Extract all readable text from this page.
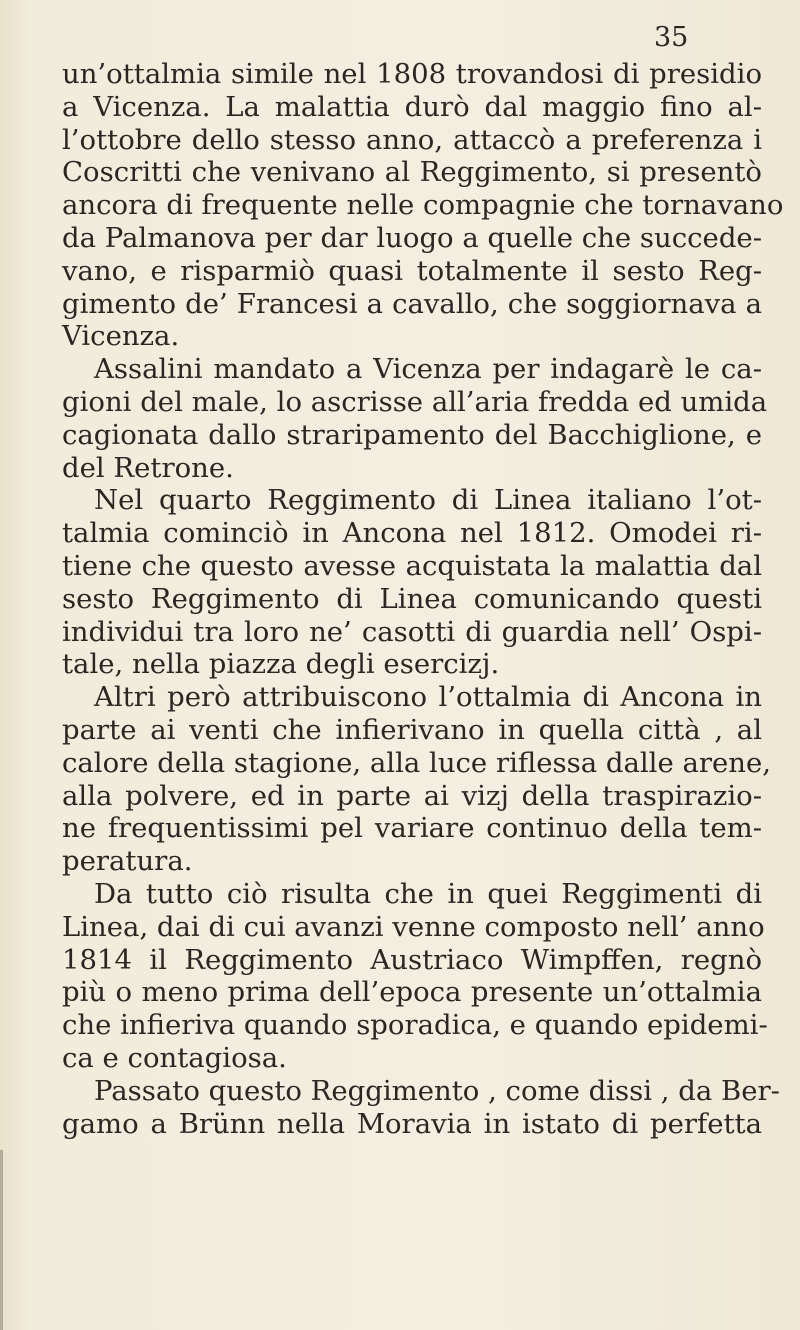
35

un’ottalmia simile nel 1808 trovandosi di presidio
a Vicenza. La malattia durò dal maggio fino al-
l’ottobre dello stesso anno, attaccò a preferenza i
Coscritti che venivano al Reggimento, si presentò
ancora di frequente nelle compagnie che tornavano
da Palmanova per dar luogo a quelle che succede-
vano, e risparmiò quasi totalmente il sesto Reg-
gimento de’ Francesi a cavallo, che soggiornava a
Vicenza.
Assalini mandato a Vicenza per indagarè le ca-
gioni del male, lo ascrisse all’aria fredda ed umida
cagionata dallo straripamento del Bacchiglione, e
del Retrone.
Nel quarto Reggimento di Linea italiano l’ot-
talmia cominciò in Ancona nel 1812. Omodei ri-
tiene che questo avesse acquistata la malattia dal
sesto Reggimento di Linea comunicando questi
individui tra loro ne’ casotti di guardia nell’ Ospi-
tale, nella piazza degli esercizj.
Altri però attribuiscono l’ottalmia di Ancona in
parte ai venti che infierivano in quella città , al
calore della stagione, alla luce riflessa dalle arene,
alla polvere, ed in parte ai vizj della traspirazio-
ne frequentissimi pel variare continuo della tem-
peratura.
Da tutto ciò risulta che in quei Reggimenti di
Linea, dai di cui avanzi venne composto nell’ anno
1814 il Reggimento Austriaco Wimpffen, regnò
più o meno prima dell’epoca presente un’ottalmia
che infieriva quando sporadica, e quando epidemi-
ca e contagiosa.
Passato questo Reggimento , come dissi , da Ber-
gamo a Brünn nella Moravia in istato di perfetta
